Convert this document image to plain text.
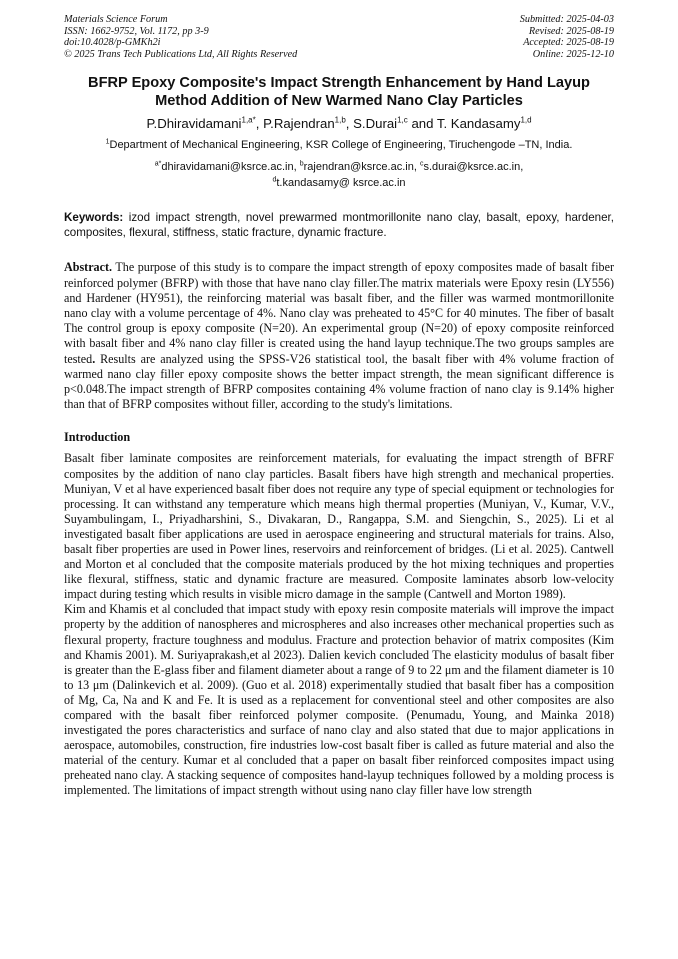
Materials Science Forum
ISSN: 1662-9752, Vol. 1172, pp 3-9
doi:10.4028/p-GMKh2i
© 2025 Trans Tech Publications Ltd, All Rights Reserved
Submitted: 2025-04-03
Revised: 2025-08-19
Accepted: 2025-08-19
Online: 2025-12-10
BFRP Epoxy Composite's Impact Strength Enhancement by Hand Layup Method Addition of New Warmed Nano Clay Particles
P.Dhiravidamani$^{1,a*}$, P.Rajendran$^{1,b}$, S.Durai$^{1,c}$ and T. Kandasamy$^{1,d}$
$^1$Department of Mechanical Engineering, KSR College of Engineering, Tiruchengode –TN, India.
$^{a*}$dhiravidamani@ksrce.ac.in, $^b$rajendran@ksrce.ac.in, $^c$s.durai@ksrce.ac.in,
$^d$t.kandasamy@ ksrce.ac.in
Keywords: izod impact strength, novel prewarmed montmorillonite nano clay, basalt, epoxy, hardener, composites, flexural, stiffness, static fracture, dynamic fracture.
Abstract. The purpose of this study is to compare the impact strength of epoxy composites made of basalt fiber reinforced polymer (BFRP) with those that have nano clay filler.The matrix materials were Epoxy resin (LY556) and Hardener (HY951), the reinforcing material was basalt fiber, and the filler was warmed montmorillonite nano clay with a volume percentage of 4%. Nano clay was preheated to 45°C for 40 minutes. The fiber of basalt The control group is epoxy composite (N=20). An experimental group (N=20) of epoxy composite reinforced with basalt fiber and 4% nano clay filler is created using the hand layup technique.The two groups samples are tested. Results are analyzed using the SPSS-V26 statistical tool, the basalt fiber with 4% volume fraction of warmed nano clay filler epoxy composite shows the better impact strength, the mean significant difference is p<0.048.The impact strength of BFRP composites containing 4% volume fraction of nano clay is 9.14% higher than that of BFRP composites without filler, according to the study's limitations.
Introduction

Basalt fiber laminate composites are reinforcement materials, for evaluating the impact strength of BFRF composites by the addition of nano clay particles. Basalt fibers have high strength and mechanical properties. Muniyan, V et al have experienced basalt fiber does not require any type of special equipment or technologies for processing. It can withstand any temperature which means high thermal properties (Muniyan, V., Kumar, V.V., Suyambulingam, I., Priyadharshini, S., Divakaran, D., Rangappa, S.M. and Siengchin, S., 2025). Li et al investigated basalt fiber applications are used in aerospace engineering and structural materials for trains. Also, basalt fiber properties are used in Power lines, reservoirs and reinforcement of bridges. (Li et al. 2025). Cantwell and Morton et al concluded that the composite materials produced by the hot mixing techniques and properties like flexural, stiffness, static and dynamic fracture are measured. Composite laminates absorb low-velocity impact during testing which results in visible micro damage in the sample (Cantwell and Morton 1989).

Kim and Khamis et al concluded that impact study with epoxy resin composite materials will improve the impact property by the addition of nanospheres and microspheres and also increases other mechanical properties such as flexural property, fracture toughness and modulus. Fracture and protection behavior of matrix composites (Kim and Khamis 2001). M. Suriyaprakash,et al 2023). Dalien kevich concluded The elasticity modulus of basalt fiber is greater than the E-glass fiber and filament diameter about a range of 9 to 22 μm and the filament diameter is 10 to 13 μm (Dalinkevich et al. 2009). (Guo et al. 2018) experimentally studied that basalt fiber has a composition of Mg, Ca, Na and K and Fe. It is used as a replacement for conventional steel and other composites are also compared with the basalt fiber reinforced polymer composite. (Penumadu, Young, and Mainka 2018) investigated the pores characteristics and surface of nano clay and also stated that due to major applications in aerospace, automobiles, construction, fire industries low-cost basalt fiber is called as future material and also the material of the century. Kumar et al concluded that a paper on basalt fiber reinforced composites impact using preheated nano clay. A stacking sequence of composites hand-layup techniques followed by a molding process is implemented. The limitations of impact strength without using nano clay filler have low strength
